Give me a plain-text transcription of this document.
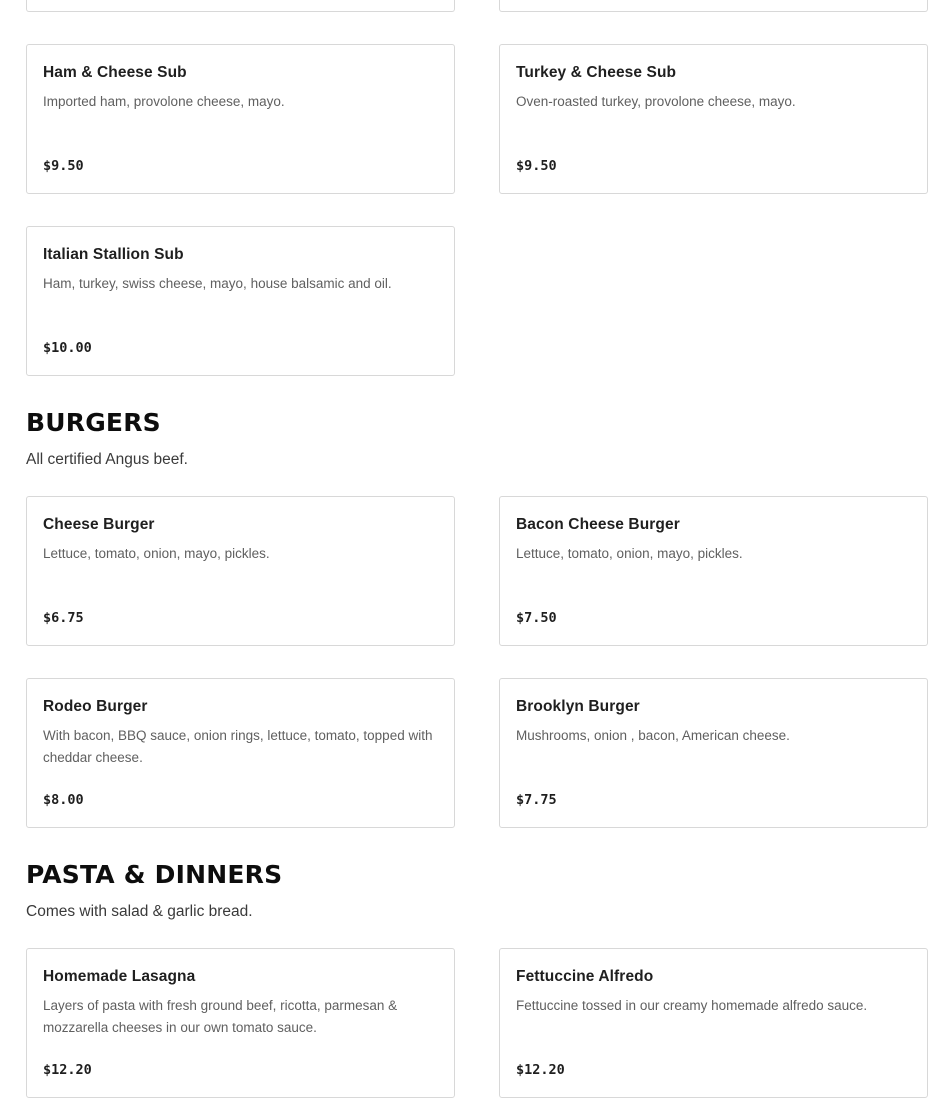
Ham & Cheese Sub
Imported ham, provolone cheese, mayo.
$9.50
Turkey & Cheese Sub
Oven-roasted turkey, provolone cheese, mayo.
$9.50
Italian Stallion Sub
Ham, turkey, swiss cheese, mayo, house balsamic and oil.
$10.00
BURGERS

All certified Angus beef.

Cheese Burger
Lettuce, tomato, onion, mayo, pickles.
$6.75
Bacon Cheese Burger
Lettuce, tomato, onion, mayo, pickles.
$7.50
Rodeo Burger
With bacon, BBQ sauce, onion rings, lettuce, tomato, topped with cheddar cheese.
$8.00
Brooklyn Burger
Mushrooms, onion , bacon, American cheese.
$7.75
PASTA & DINNERS

Comes with salad & garlic bread.

Homemade Lasagna
Layers of pasta with fresh ground beef, ricotta, parmesan & mozzarella cheeses in our own tomato sauce.
$12.20
Fettuccine Alfredo
Fettuccine tossed in our creamy homemade alfredo sauce.
$12.20
